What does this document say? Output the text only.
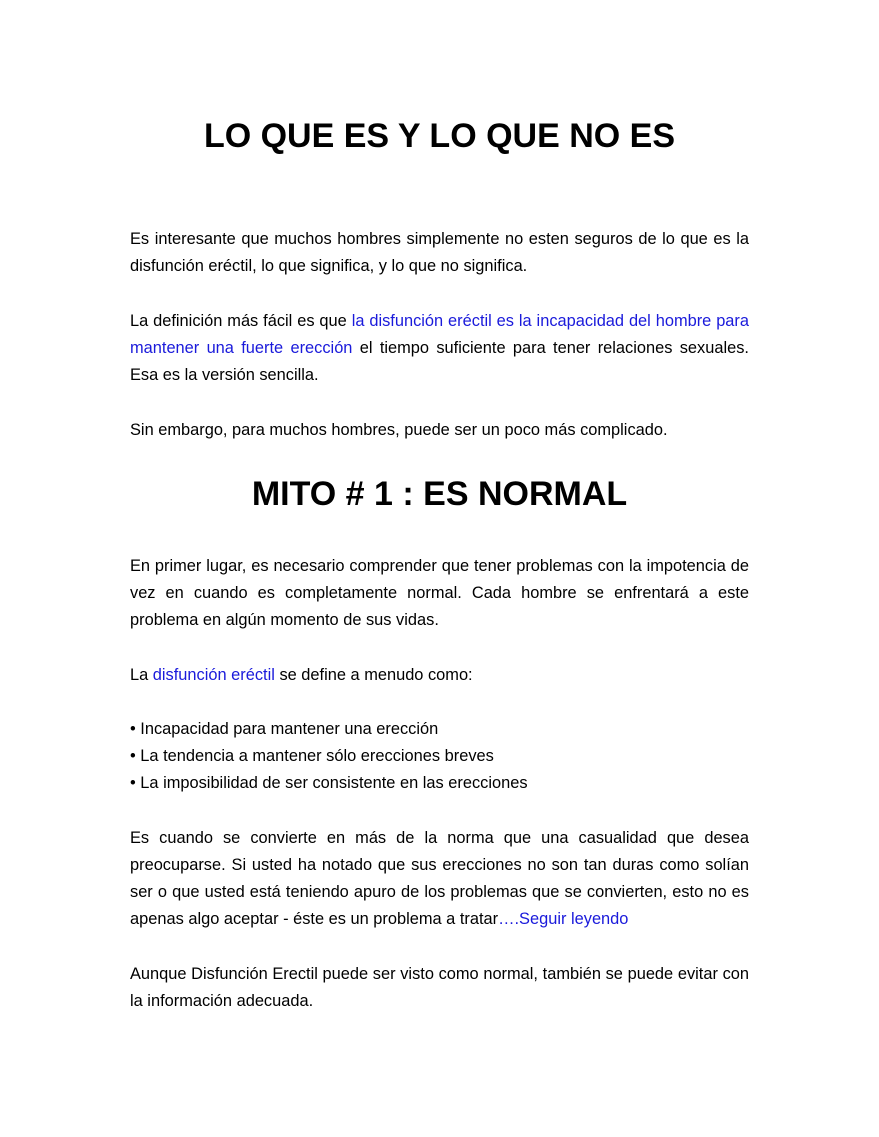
LO QUE ES Y LO QUE NO ES

Es interesante que muchos hombres simplemente no esten seguros de lo que es la disfunción eréctil, lo que significa, y lo que no significa.

La definición más fácil es que la disfunción eréctil es la incapacidad del hombre para mantener una fuerte erección el tiempo suficiente para tener relaciones sexuales. Esa es la versión sencilla.

Sin embargo, para muchos hombres, puede ser un poco más complicado.

MITO # 1 : ES NORMAL

En primer lugar, es necesario comprender que tener problemas con la impotencia de vez en cuando es completamente normal. Cada hombre se enfrentará a este problema en algún momento de sus vidas.

La disfunción eréctil se define a menudo como:

• Incapacidad para mantener una erección
• La tendencia a mantener sólo erecciones breves
• La imposibilidad de ser consistente en las erecciones

Es cuando se convierte en más de la norma que una casualidad que desea preocuparse. Si usted ha notado que sus erecciones no son tan duras como solían ser o que usted está teniendo apuro de los problemas que se convierten, esto no es apenas algo aceptar - éste es un problema a tratar….Seguir leyendo

Aunque Disfunción Erectil puede ser visto como normal, también se puede evitar con la información adecuada.
